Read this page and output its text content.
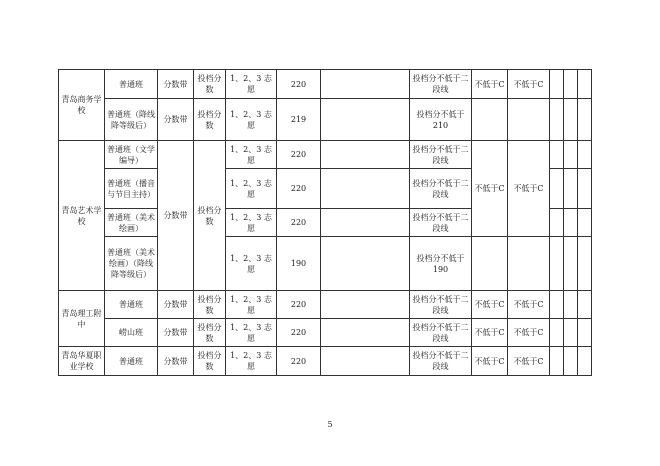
青岛商务学校	普通班	分数带	投档分数	1、2、3 志愿	220		投档分不低于二段线	不低于C	不低于C			
	普通班（降线降等级后）	分数带	投档分数	1、2、3 志愿	219		投档分不低于210					
青岛艺术学校	普通班（文学编导）	分数带	投档分数	1、2、3 志愿	220		投档分不低于二段线	不低于C	不低于C			
	普通班（播音与节目主持）			1、2、3 志愿	220		投档分不低于二段线					
	普通班（美术绘画）			1、2、3 志愿	220		投档分不低于二段线					
	普通班（美术绘画）（降线降等级后）			1、2、3 志愿	190		投档分不低于190					
青岛理工附中	普通班	分数带	投档分数	1、2、3 志愿	220		投档分不低于二段线	不低于C	不低于C			
	崂山班	分数带	投档分数	1、2、3 志愿	220		投档分不低于二段线	不低于C	不低于C			
青岛华夏职业学校	普通班	分数带	投档分数	1、2、3 志愿	220		投档分不低于二段线	不低于C	不低于C			
5
